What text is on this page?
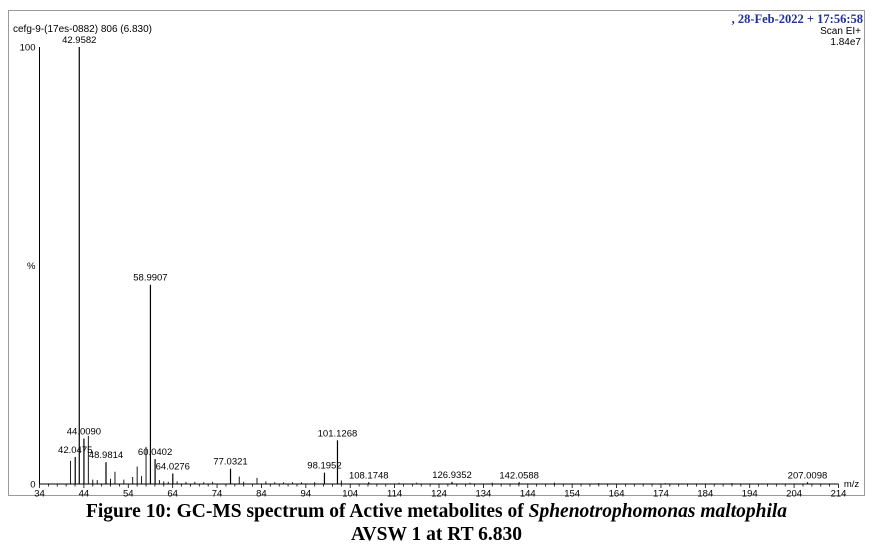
cefg-9-(17es-0882) 806 (6.830)
, 28-Feb-2022 + 17:56:58
Scan EI+
1.84e7
100
%
0
34	44	54	64	74	84	94	104	114	124	134	144	154	164	174	184	194	204	214
m/z
42.0475
42.9582
44.0090
48.9814
58.9907
60.0402
64.0276 77.0321	98.1952
101.1268
108.1748	126.9352	142.0588	207.0098
Figure 10: GC-MS spectrum of Active metabolites of Sphenotrophomonas maltophila
AVSW 1 at RT 6.830
